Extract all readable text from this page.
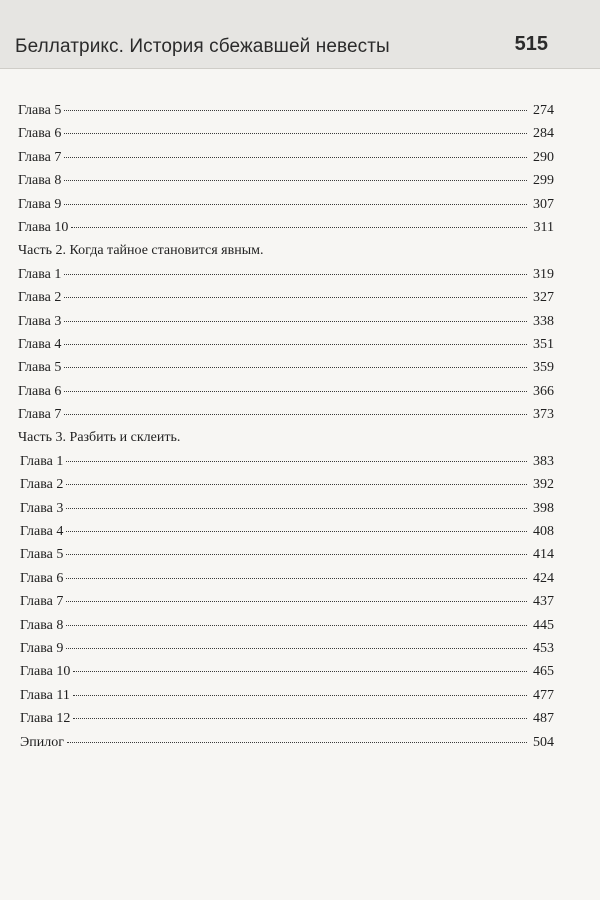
Беллатрикс. История сбежавшей невесты	515
Глава 5	274
Глава 6	284
Глава 7	290
Глава 8	299
Глава 9	307
Глава 10	311
Часть 2. Когда тайное становится явным.
Глава 1	319
Глава 2	327
Глава 3	338
Глава 4	351
Глава 5	359
Глава 6	366
Глава 7	373
Часть 3. Разбить и склеить.
Глава 1	383
Глава 2	392
Глава 3	398
Глава 4	408
Глава 5	414
Глава 6	424
Глава 7	437
Глава 8	445
Глава 9	453
Глава 10	465
Глава 11	477
Глава 12	487
Эпилог	504
